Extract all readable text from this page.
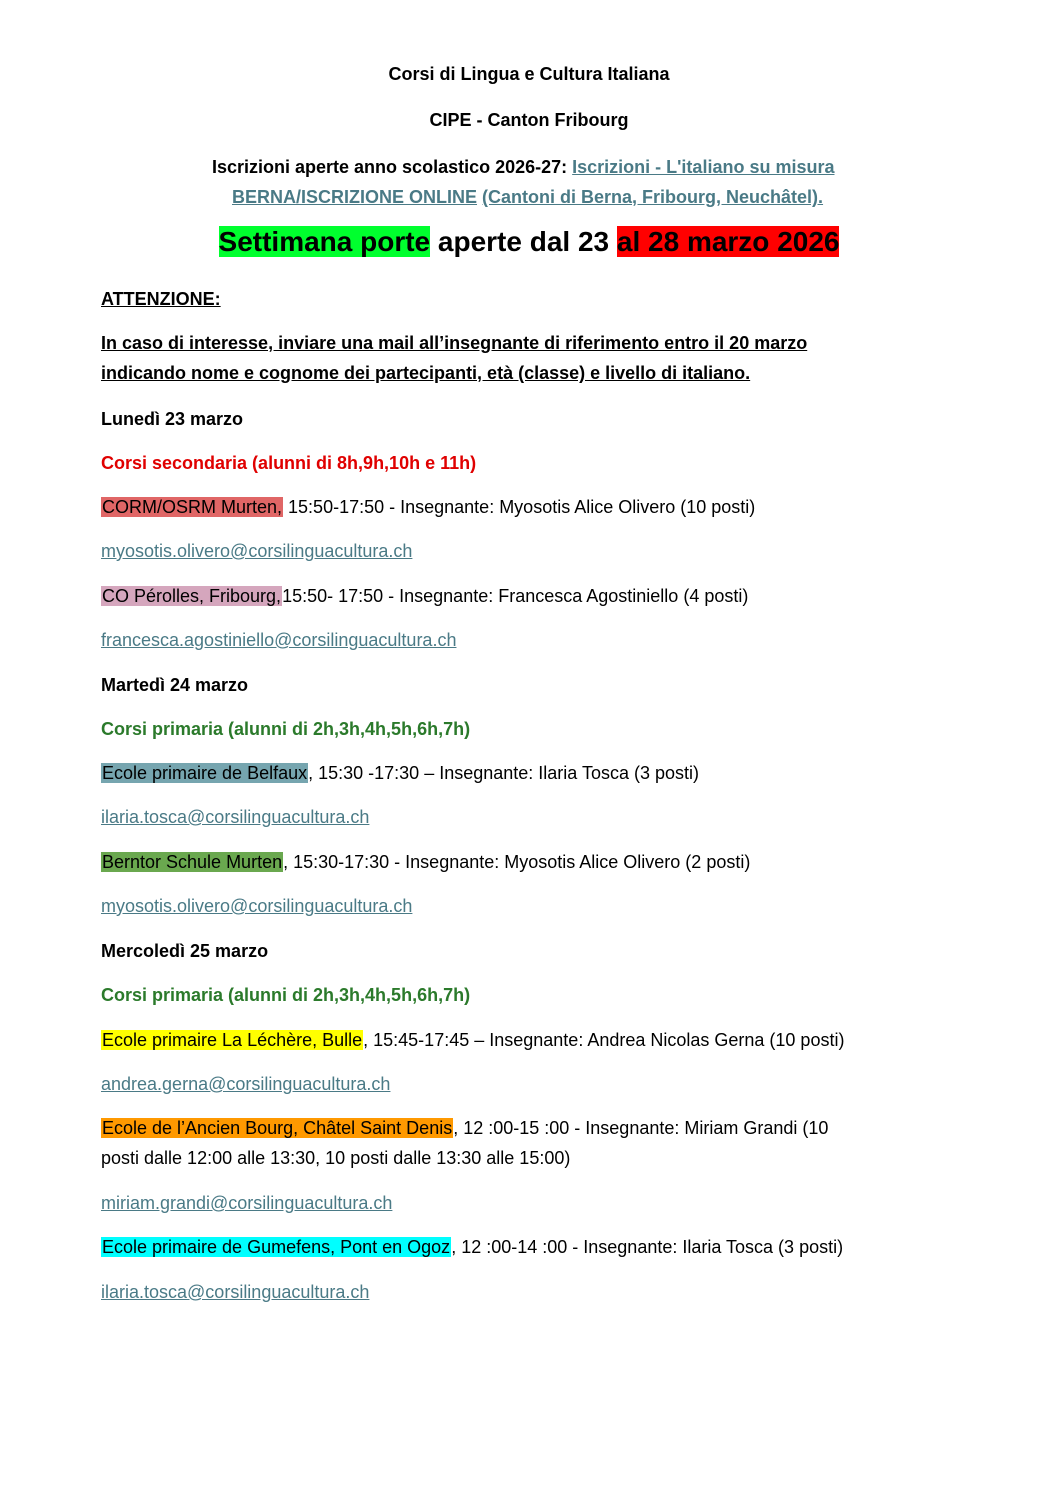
Corsi di Lingua e Cultura Italiana
CIPE - Canton Fribourg
Iscrizioni aperte anno scolastico 2026-27: Iscrizioni - L'italiano su misura
BERNA/ISCRIZIONE ONLINE (Cantoni di Berna, Fribourg, Neuchâtel).
Settimana porte aperte dal 23 al 28 marzo 2026
ATTENZIONE:
In caso di interesse, inviare una mail all’insegnante di riferimento entro il 20 marzo
indicando nome e cognome dei partecipanti, età (classe) e livello di italiano.
Lunedì 23 marzo
Corsi secondaria (alunni di 8h,9h,10h e 11h)
CORM/OSRM Murten, 15:50-17:50 - Insegnante: Myosotis Alice Olivero (10 posti)
myosotis.olivero@corsilinguacultura.ch
CO Pérolles, Fribourg,15:50- 17:50 - Insegnante: Francesca Agostiniello (4 posti)
francesca.agostiniello@corsilinguacultura.ch
Martedì 24 marzo
Corsi primaria (alunni di 2h,3h,4h,5h,6h,7h)
Ecole primaire de Belfaux, 15:30 -17:30 – Insegnante: Ilaria Tosca (3 posti)
ilaria.tosca@corsilinguacultura.ch
Berntor Schule Murten, 15:30-17:30 - Insegnante: Myosotis Alice Olivero (2 posti)
myosotis.olivero@corsilinguacultura.ch
Mercoledì 25 marzo
Corsi primaria (alunni di 2h,3h,4h,5h,6h,7h)
Ecole primaire La Léchère, Bulle, 15:45-17:45 – Insegnante: Andrea Nicolas Gerna (10 posti)
andrea.gerna@corsilinguacultura.ch
Ecole de l’Ancien Bourg, Châtel Saint Denis, 12 :00-15 :00 - Insegnante: Miriam Grandi (10
posti dalle 12:00 alle 13:30, 10 posti dalle 13:30 alle 15:00)
miriam.grandi@corsilinguacultura.ch
Ecole primaire de Gumefens, Pont en Ogoz, 12 :00-14 :00 - Insegnante: Ilaria Tosca (3 posti)
ilaria.tosca@corsilinguacultura.ch
